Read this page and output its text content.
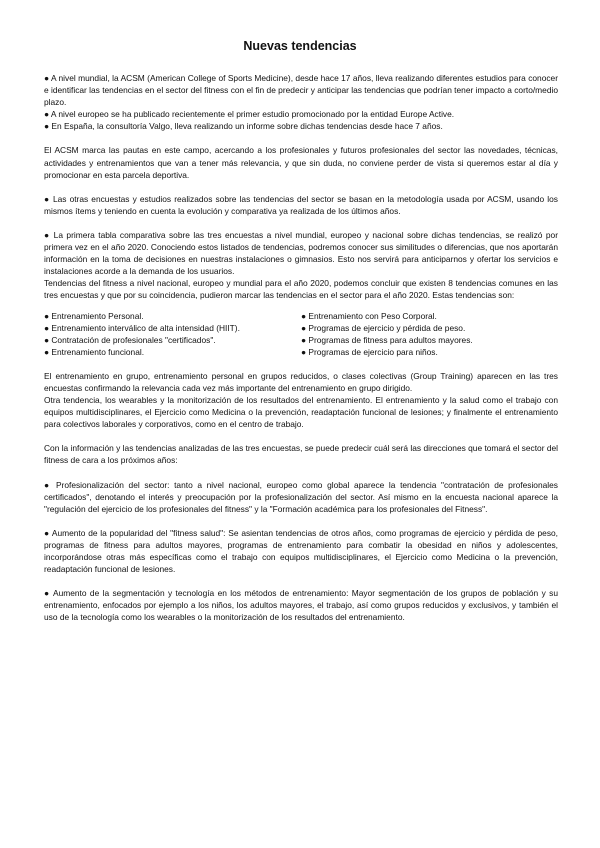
Nuevas tendencias

● A nivel mundial, la ACSM (American College of Sports Medicine), desde hace 17 años, lleva realizando diferentes estudios para conocer e identificar las tendencias en el sector del fitness con el fin de predecir y anticipar las tendencias que podrían tener impacto a corto/medio plazo.

● A nivel europeo se ha publicado recientemente el primer estudio promocionado por la entidad Europe Active.

● En España, la consultoría Valgo, lleva realizando un informe sobre dichas tendencias desde hace 7 años.

El ACSM marca las pautas en este campo, acercando a los profesionales y futuros profesionales del sector las novedades, técnicas, actividades y entrenamientos que van a tener más relevancia, y que sin duda, no conviene perder de vista si queremos estar al día y promocionar en esta parcela deportiva.

● Las otras encuestas y estudios realizados sobre las tendencias del sector se basan en la metodología usada por ACSM, usando los mismos ítems y teniendo en cuenta la evolución y comparativa ya realizada de los últimos años.

● La primera tabla comparativa sobre las tres encuestas a nivel mundial, europeo y nacional sobre dichas tendencias, se realizó por primera vez en el año 2020. Conociendo estos listados de tendencias, podremos conocer sus similitudes o diferencias, que nos aportarán información en la toma de decisiones en nuestras instalaciones o gimnasios. Esto nos servirá para anticiparnos y ofertar los servicios e instalaciones acorde a la demanda de los usuarios.

Tendencias del fitness a nivel nacional, europeo y mundial para el año 2020, podemos concluir que existen 8 tendencias comunes en las tres encuestas y que por su coincidencia, pudieron marcar las tendencias en el sector para el año 2020. Estas tendencias son:

● Entrenamiento Personal.

● Entrenamiento interválico de alta intensidad (HIIT).

● Contratación de profesionales "certificados".

● Entrenamiento funcional.

● Entrenamiento con Peso Corporal.

● Programas de ejercicio y pérdida de peso.

● Programas de fitness para adultos mayores.

● Programas de ejercicio para niños.

El entrenamiento en grupo, entrenamiento personal en grupos reducidos, o clases colectivas (Group Training) aparecen en las tres encuestas confirmando la relevancia cada vez más importante del entrenamiento en grupo dirigido.

Otra tendencia, los wearables y la monitorización de los resultados del entrenamiento. El entrenamiento y la salud como el trabajo con equipos multidisciplinares, el Ejercicio como Medicina o la prevención, readaptación funcional de lesiones; y finalmente el entrenamiento para colectivos laborales y corporativos, como en el centro de trabajo.

Con la información y las tendencias analizadas de las tres encuestas, se puede predecir cuál será las direcciones que tomará el sector del fitness de cara a los próximos años:

● Profesionalización del sector: tanto a nivel nacional, europeo como global aparece la tendencia "contratación de profesionales certificados", denotando el interés y preocupación por la profesionalización del sector. Así mismo en la encuesta nacional aparece la "regulación del ejercicio de los profesionales del fitness" y la "Formación académica para los profesionales del Fitness".

● Aumento de la popularidad del "fitness salud": Se asientan tendencias de otros años, como programas de ejercicio y pérdida de peso, programas de fitness para adultos mayores, programas de entrenamiento para combatir la obesidad en niños y adolescentes, incorporándose otras más específicas como el trabajo con equipos multidisciplinares, el Ejercicio como Medicina o la prevención, readaptación funcional de lesiones.

● Aumento de la segmentación y tecnología en los métodos de entrenamiento: Mayor segmentación de los grupos de población y su entrenamiento, enfocados por ejemplo a los niños, los adultos mayores, el trabajo, así como grupos reducidos y exclusivos, y también el uso de la tecnología como los wearables o la monitorización de los resultados del entrenamiento.
